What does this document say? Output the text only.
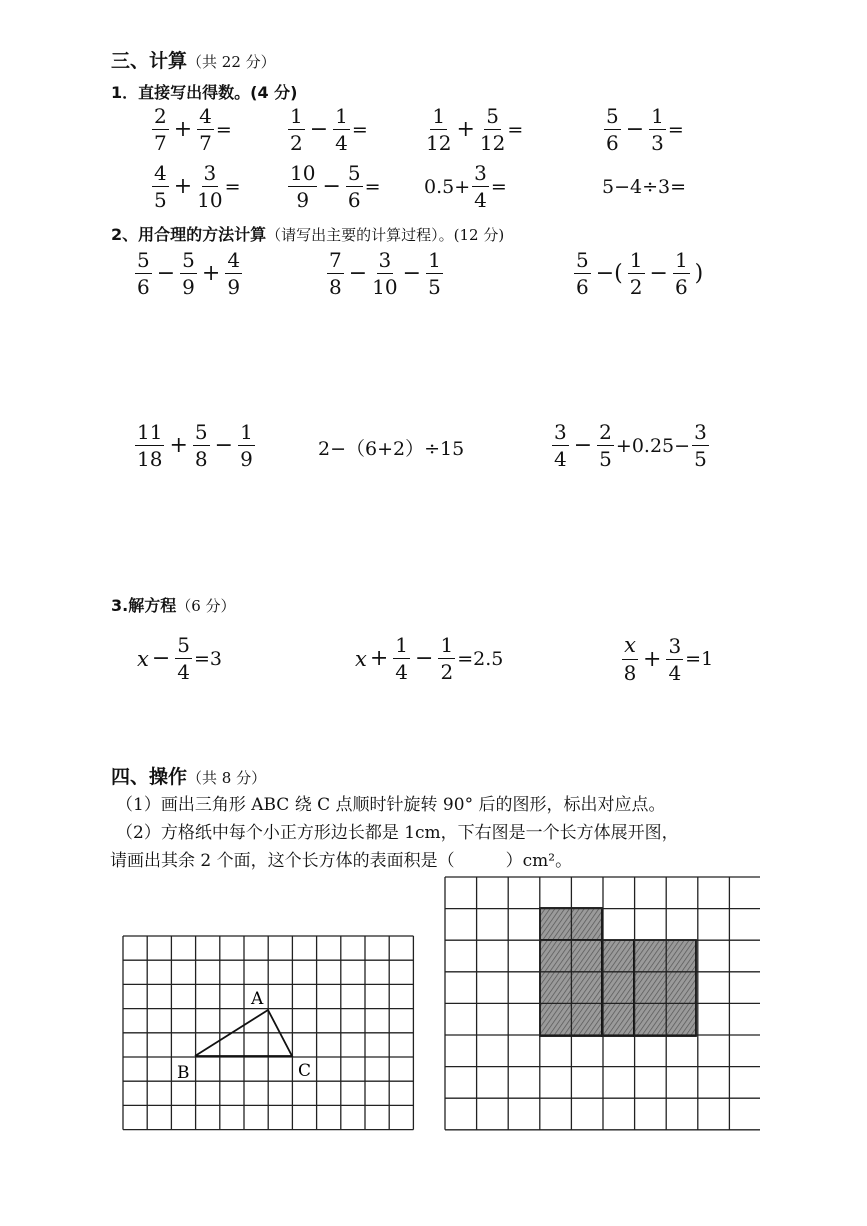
三、计算（共 22 分）
1．直接写出得数。(4 分)
$\frac{2}{7} + \frac{4}{7}$ =	$\frac{1}{2} - \frac{1}{4}$ =	$\frac{1}{12} + \frac{5}{12}$ =	$\frac{5}{6} - \frac{1}{3}$ =
$\frac{4}{5} + \frac{3}{10} = \frac{10}{9} - \frac{5}{6} = 0.5+ \frac{3}{4}$ =	5−4÷3=
2、用合理的方法计算（请写出主要的计算过程）。(12 分)
$\frac{5}{6} - \frac{5}{9} + \frac{4}{9}$	$\frac{7}{8} - \frac{3}{10} - \frac{1}{5}$	$\frac{5}{6}$ −( $\frac{1}{2} - \frac{1}{6}$ )
$\frac{11}{18} + \frac{5}{8} - \frac{1}{9}$	2−（6+2）÷15	$\frac{3}{4} - \frac{2}{5} +0.25- \frac{3}{5}$
3.解方程（6 分）
$x - \frac{5}{4} =3$	$x + \frac{1}{4} - \frac{1}{2} =2.5$	$\frac{x}{8} + \frac{3}{4} =1$
四、操作（共 8 分）
（1）画出三角形 ABC 绕 C 点顺时针旋转 90° 后的图形，标出对应点。
（2）方格纸中每个小正方形边长都是 1cm，下右图是一个长方体展开图，
请画出其余 2 个面，这个长方体的表面积是（　　　）cm²。
A
B	C
